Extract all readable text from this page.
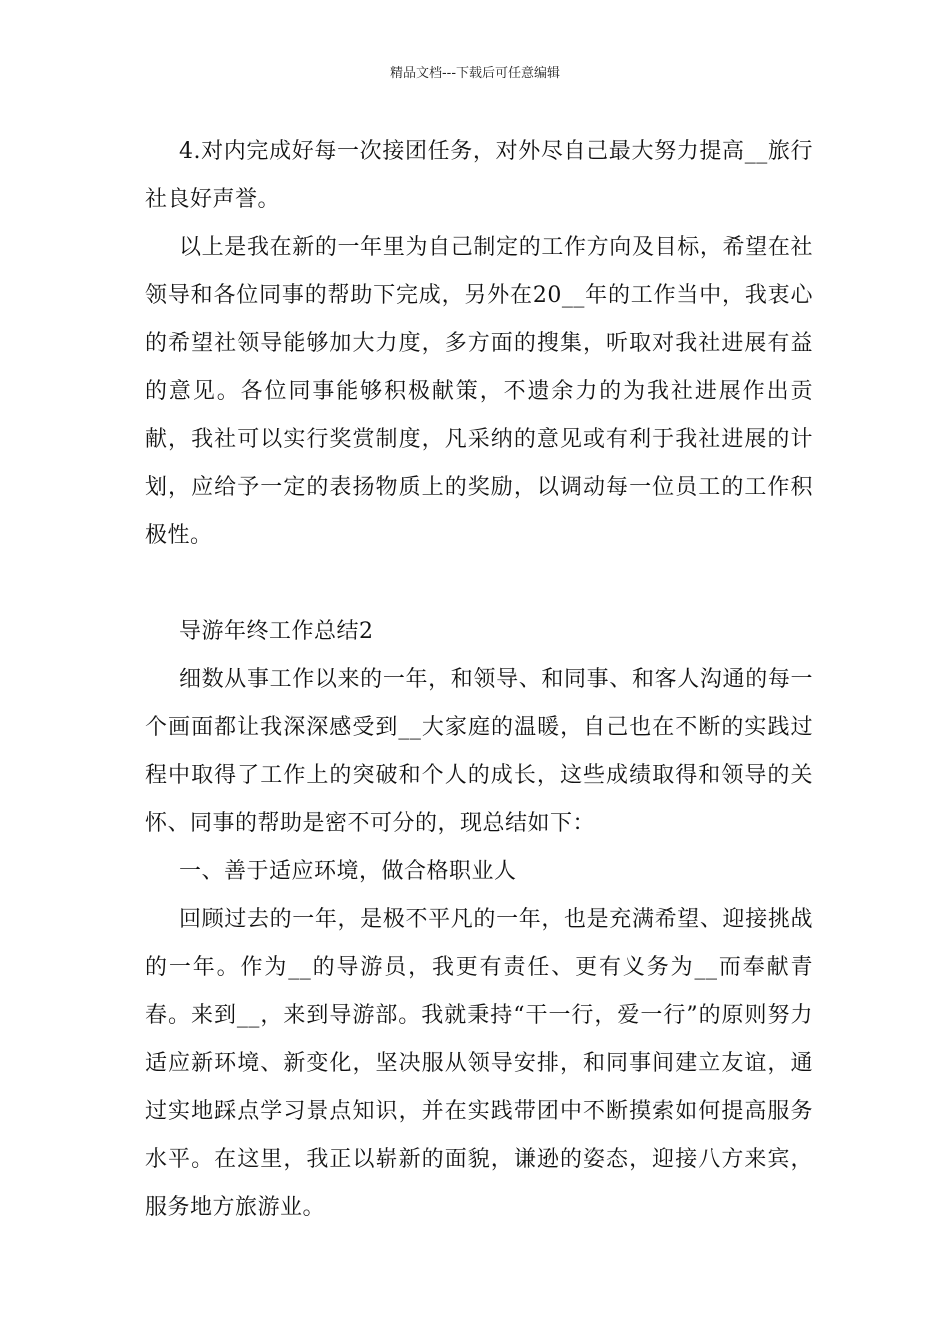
精品文档---下载后可任意编辑

4.对内完成好每一次接团任务，对外尽自己最大努力提高__旅行社良好声誉。

以上是我在新的一年里为自己制定的工作方向及目标，希望在社领导和各位同事的帮助下完成，另外在20__年的工作当中，我衷心的希望社领导能够加大力度，多方面的搜集，听取对我社进展有益的意见。各位同事能够积极献策，不遗余力的为我社进展作出贡献，我社可以实行奖赏制度，凡采纳的意见或有利于我社进展的计划，应给予一定的表扬物质上的奖励，以调动每一位员工的工作积极性。

导游年终工作总结2

细数从事工作以来的一年，和领导、和同事、和客人沟通的每一个画面都让我深深感受到__大家庭的温暖，自己也在不断的实践过程中取得了工作上的突破和个人的成长，这些成绩取得和领导的关怀、同事的帮助是密不可分的，现总结如下：

一、善于适应环境，做合格职业人

回顾过去的一年，是极不平凡的一年，也是充满希望、迎接挑战的一年。作为__的导游员，我更有责任、更有义务为__而奉献青春。来到__，来到导游部。我就秉持“干一行，爱一行”的原则努力适应新环境、新变化，坚决服从领导安排，和同事间建立友谊，通过实地踩点学习景点知识，并在实践带团中不断摸索如何提高服务水平。在这里，我正以崭新的面貌，谦逊的姿态，迎接八方来宾，服务地方旅游业。
